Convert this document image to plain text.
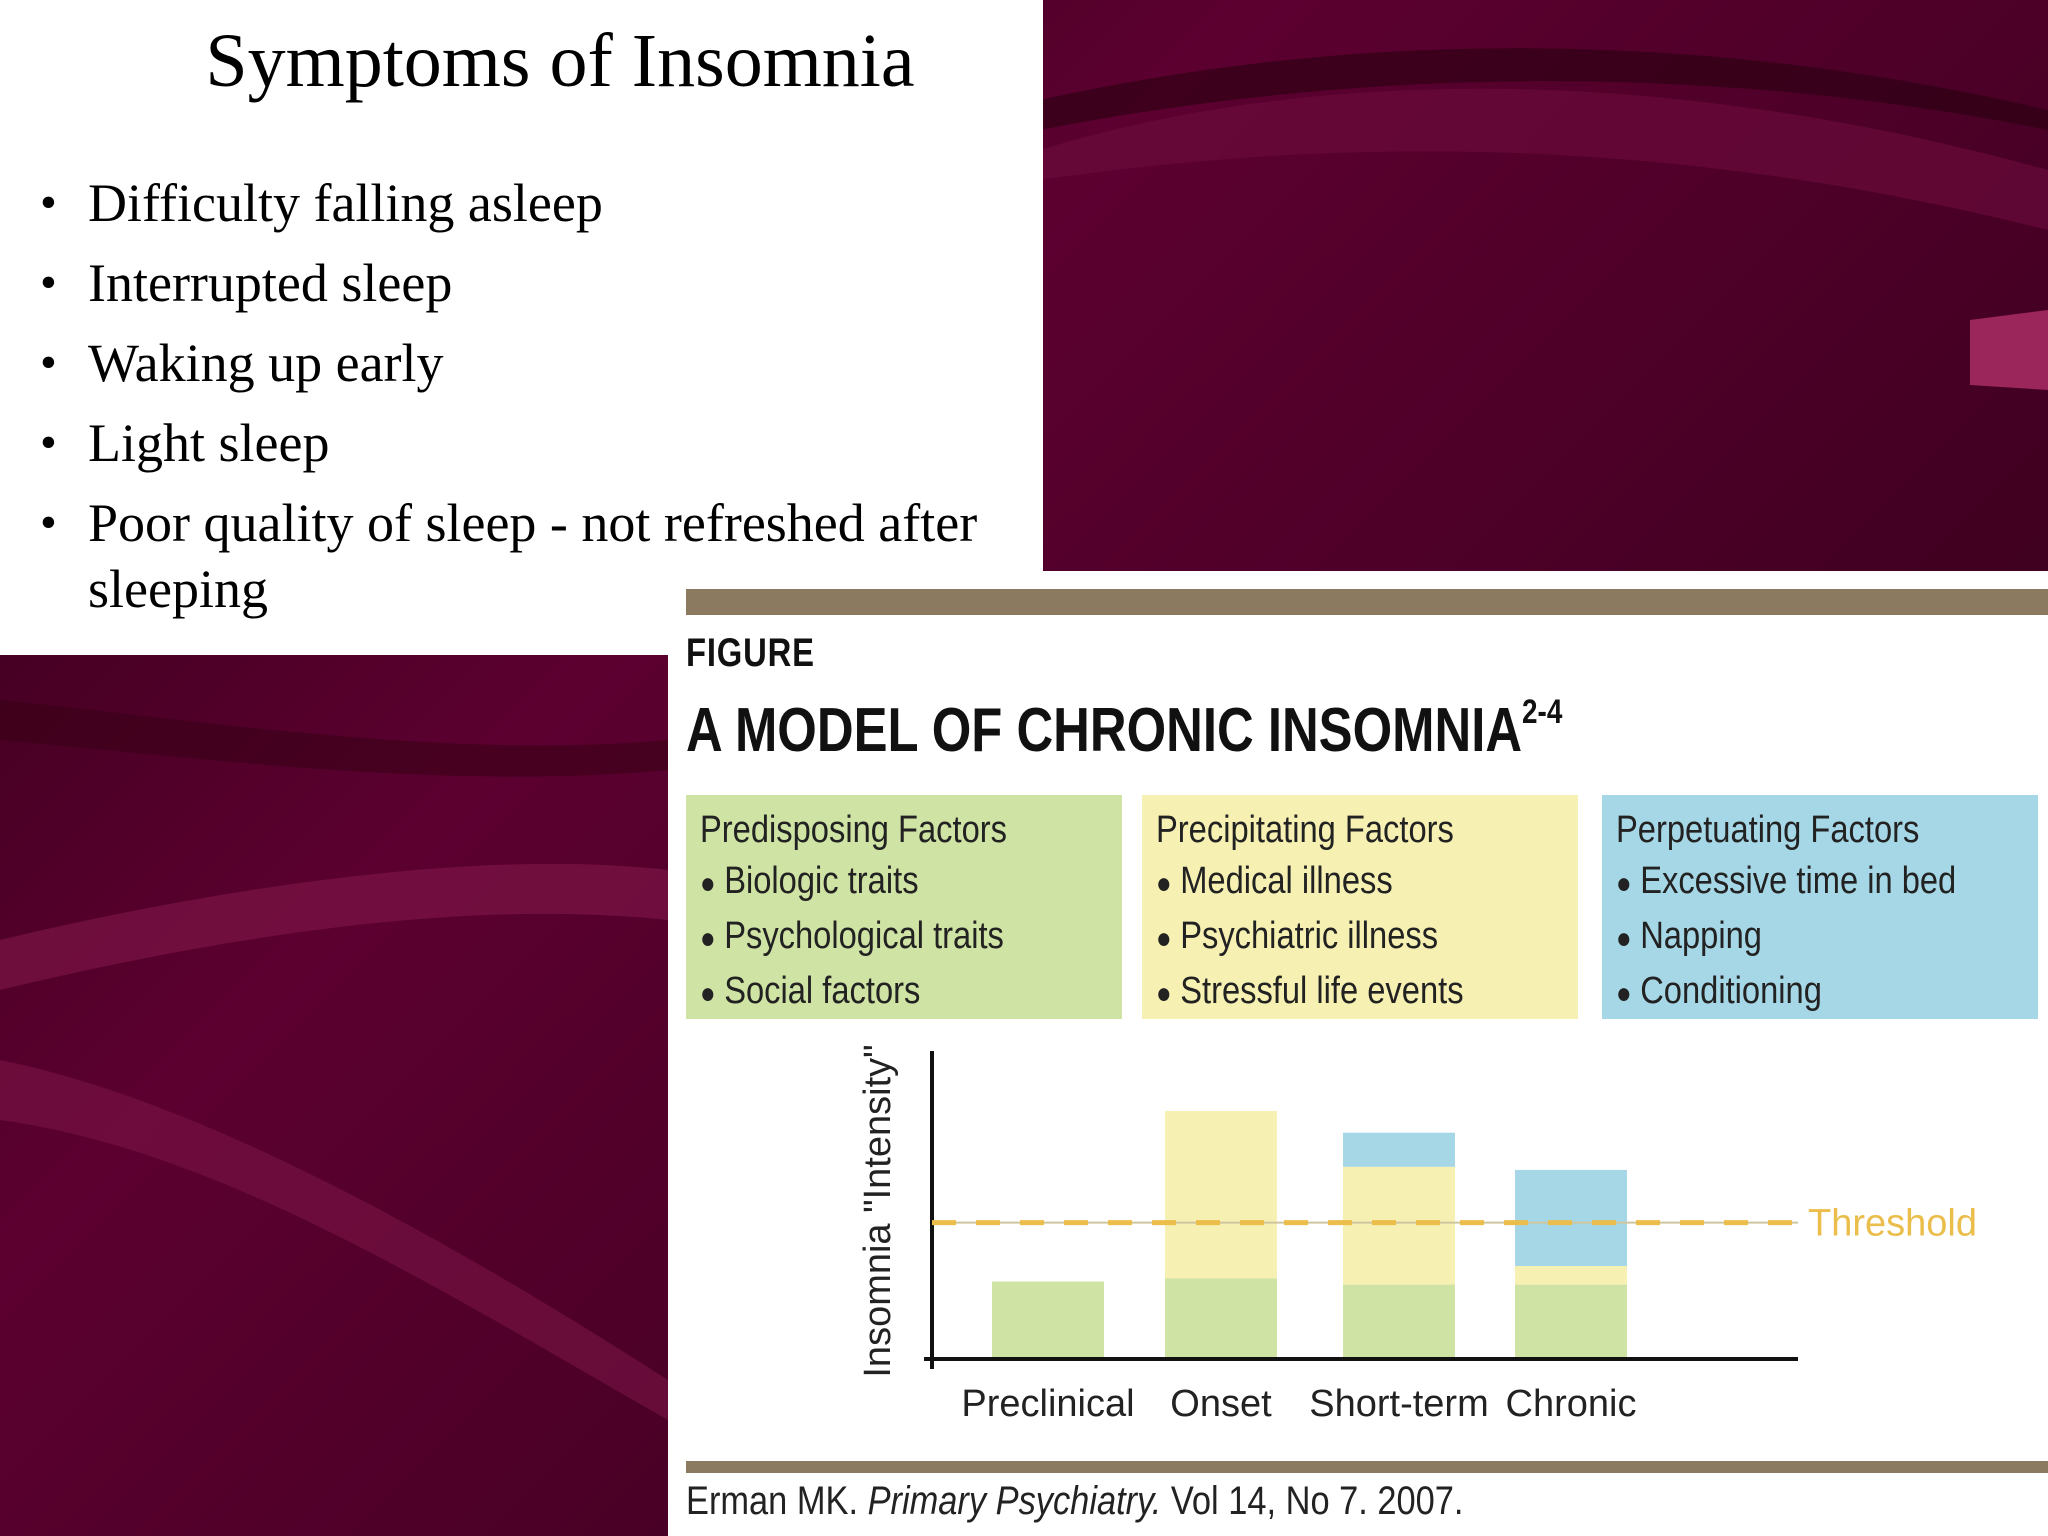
Symptoms of Insomnia
• Difficulty falling asleep
• Interrupted sleep
• Waking up early
• Light sleep
• Poor quality of sleep - not refreshed after sleeping
FIGURE
A MODEL OF CHRONIC INSOMNIA$^{2-4}$
Predisposing Factors
● Biologic traits
● Psychological traits
● Social factors
Precipitating Factors
● Medical illness
● Psychiatric illness
● Stressful life events
Perpetuating Factors
● Excessive time in bed
● Napping
● Conditioning
Threshold
Insomnia "Intensity"
Preclinical Onset Short-term Chronic
Erman MK. Primary Psychiatry. Vol 14, No 7. 2007.
